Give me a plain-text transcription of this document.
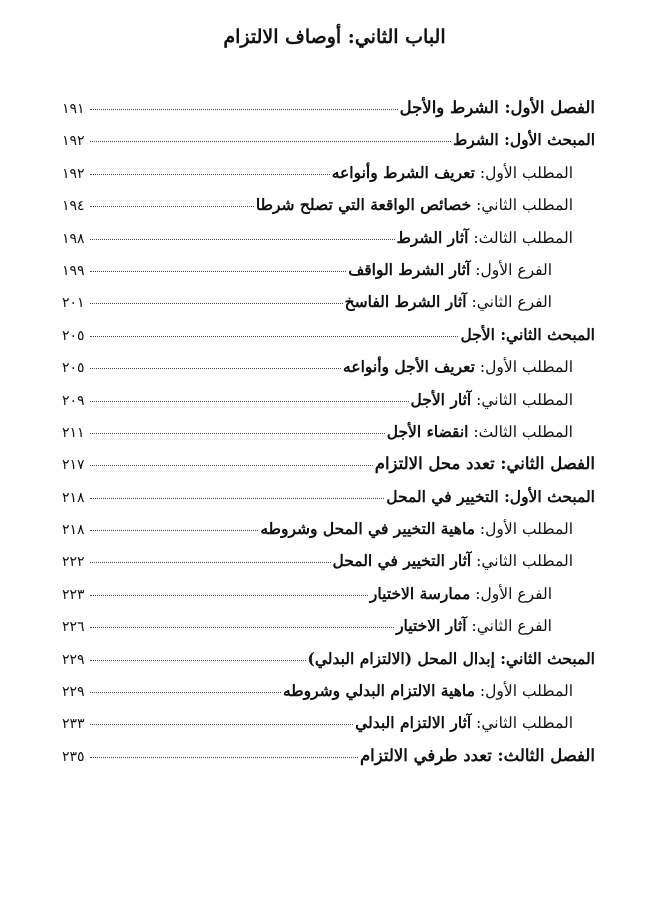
الباب الثاني: أوصاف الالتزام
الفصل الأول: الشرط والأجل
١٩١
المبحث الأول: الشرط
١٩٢
المطلب الأول: تعريف الشرط وأنواعه
١٩٢
المطلب الثاني: خصائص الواقعة التي تصلح شرطا
١٩٤
المطلب الثالث: آثار الشرط
١٩٨
الفرع الأول: آثار الشرط الواقف
١٩٩
الفرع الثاني: آثار الشرط الفاسخ
٢٠١
المبحث الثاني: الأجل
٢٠٥
المطلب الأول: تعريف الأجل وأنواعه
٢٠٥
المطلب الثاني: آثار الأجل
٢٠٩
المطلب الثالث: انقضاء الأجل
٢١١
الفصل الثاني: تعدد محل الالتزام
٢١٧
المبحث الأول: التخيير في المحل
٢١٨
المطلب الأول: ماهية التخيير في المحل وشروطه
٢١٨
المطلب الثاني: آثار التخيير في المحل
٢٢٢
الفرع الأول: ممارسة الاختيار
٢٢٣
الفرع الثاني: آثار الاختيار
٢٢٦
المبحث الثاني: إبدال المحل (الالتزام البدلي)
٢٢٩
المطلب الأول: ماهية الالتزام البدلي وشروطه
٢٢٩
المطلب الثاني: آثار الالتزام البدلي
٢٣٣
الفصل الثالث: تعدد طرفي الالتزام
٢٣٥
